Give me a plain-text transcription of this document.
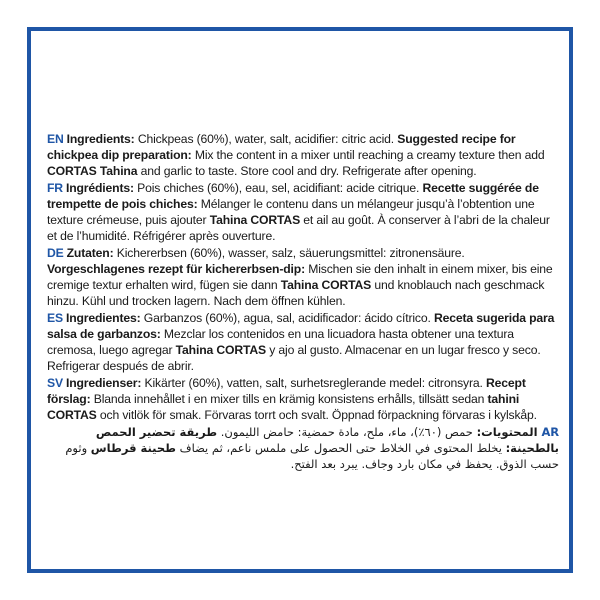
EN Ingredients: Chickpeas (60%), water, salt, acidifier: citric acid. Suggested recipe for chickpea dip preparation: Mix the content in a mixer until reaching a creamy texture then add CORTAS Tahina and garlic to taste. Store cool and dry. Refrigerate after opening.

FR Ingrédients: Pois chiches (60%), eau, sel, acidifiant: acide citrique. Recette suggérée de trempette de pois chiches: Mélanger le contenu dans un mélangeur jusqu’à l’obtention une texture crémeuse, puis ajouter Tahina CORTAS et ail au goût. À conserver à l’abri de la chaleur et de l’humidité. Réfrigérer après ouverture.

DE Zutaten: Kichererbsen (60%), wasser, salz, säuerungsmittel: zitronensäure. Vorgeschlagenes rezept für kichererbsen-dip: Mischen sie den inhalt in einem mixer, bis eine cremige textur erhalten wird, fügen sie dann Tahina CORTAS und knoblauch nach geschmack hinzu. Kühl und trocken lagern. Nach dem öffnen kühlen.

ES Ingredientes: Garbanzos (60%), agua, sal, acidificador: ácido cítrico. Receta sugerida para salsa de garbanzos: Mezclar los contenidos en una licuadora hasta obtener una textura cremosa, luego agregar Tahina CORTAS y ajo al gusto. Almacenar en un lugar fresco y seco. Refrigerar después de abrir.

SV Ingredienser: Kikärter (60%), vatten, salt, surhetsreglerande medel: citronsyra. Recept förslag: Blanda innehållet i en mixer tills en krämig konsistens erhålls, tillsätt sedan tahini CORTAS och vitlök för smak. Förvaras torrt och svalt. Öppnad förpackning förvaras i kylskåp.

ARالمحتويات: حمص (٦٠٪)، ماء، ملح، مادة حمضية: حامض الليمون. طريقة تحضير الحمص بالطحينة: يخلط المحتوى في الخلاط حتى الحصول على ملمس ناعم، ثم يضاف طحينة قرطاس وثوم حسب الذوق. يحفظ في مكان بارد وجاف. يبرد بعد الفتح.
